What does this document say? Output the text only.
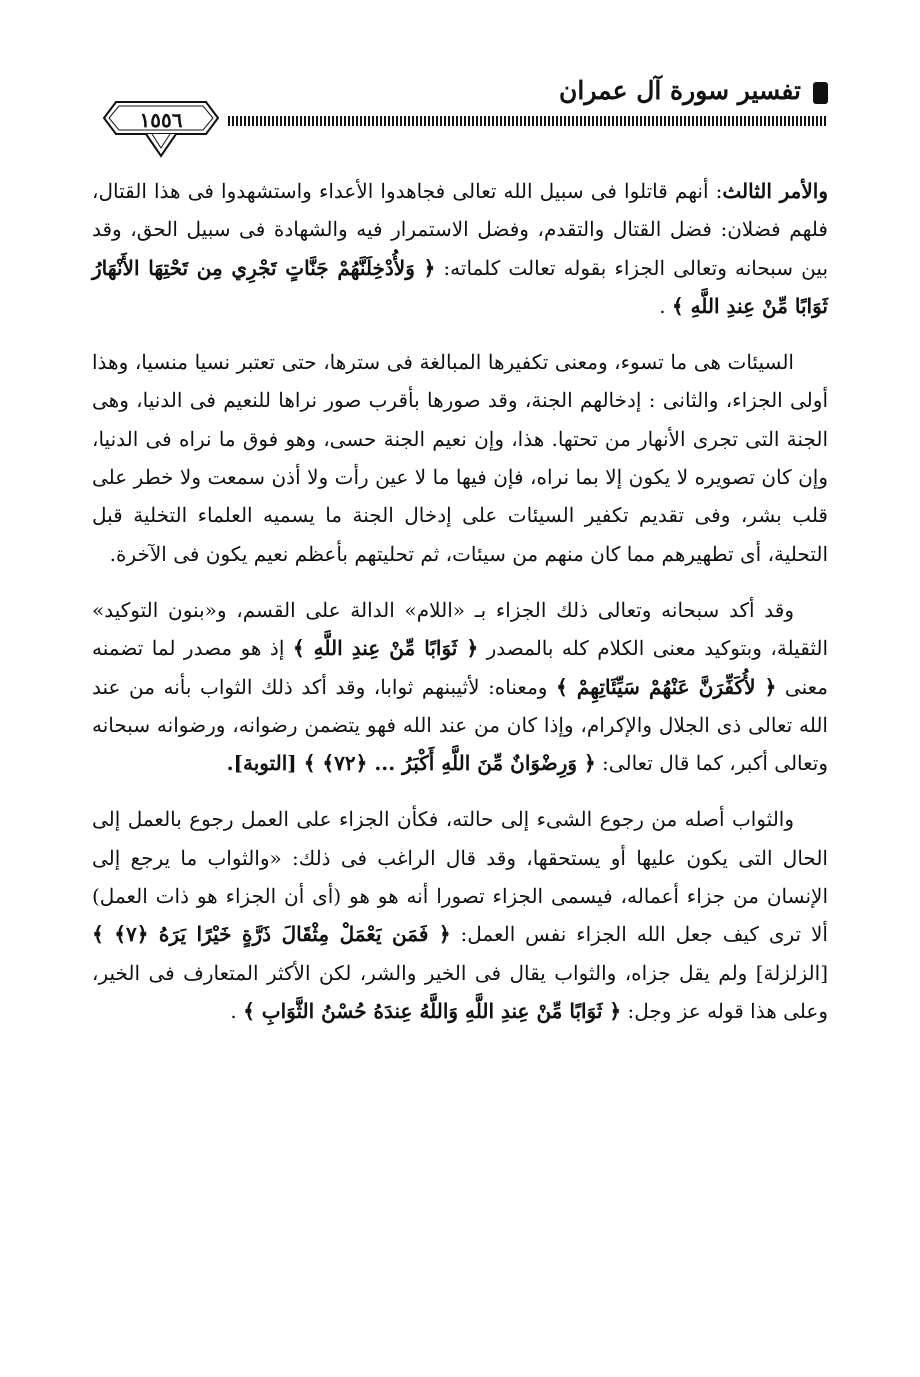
تفسير سورة آل عمران
١٥٥٦

والأمر الثالث: أنهم قاتلوا فى سبيل الله تعالى فجاهدوا الأعداء واستشهدوا فى هذا القتال، فلهم فضلان: فضل القتال والتقدم، وفضل الاستمرار فيه والشهادة فى سبيل الحق، وقد بين سبحانه وتعالى الجزاء بقوله تعالت كلماته: ﴿ وَلأُدْخِلَنَّهُمْ جَنَّاتٍ تَجْرِي مِن تَحْتِهَا الأَنْهَارُ ثَوَابًا مِّنْ عِندِ اللَّهِ ﴾ .

السيئات هى ما تسوء، ومعنى تكفيرها المبالغة فى سترها، حتى تعتبر نسيا منسيا، وهذا أولى الجزاء، والثانى : إدخالهم الجنة، وقد صورها بأقرب صور نراها للنعيم فى الدنيا، وهى الجنة التى تجرى الأنهار من تحتها. هذا، وإن نعيم الجنة حسى، وهو فوق ما نراه فى الدنيا، وإن كان تصويره لا يكون إلا بما نراه، فإن فيها ما لا عين رأت ولا أذن سمعت ولا خطر على قلب بشر، وفى تقديم تكفير السيئات على إدخال الجنة ما يسميه العلماء التخلية قبل التحلية، أى تطهيرهم مما كان منهم من سيئات، ثم تحليتهم بأعظم نعيم يكون فى الآخرة.

وقد أكد سبحانه وتعالى ذلك الجزاء بـ «اللام» الدالة على القسم، و«بنون التوكيد» الثقيلة، وبتوكيد معنى الكلام كله بالمصدر ﴿ ثَوَابًا مِّنْ عِندِ اللَّهِ ﴾ إذ هو مصدر لما تضمنه معنى ﴿ لأُكَفِّرَنَّ عَنْهُمْ سَيِّئَاتِهِمْ ﴾ ومعناه: لأثيبنهم ثوابا، وقد أكد ذلك الثواب بأنه من عند الله تعالى ذى الجلال والإكرام، وإذا كان من عند الله فهو يتضمن رضوانه، ورضوانه سبحانه وتعالى أكبر، كما قال تعالى: ﴿ وَرِضْوَانٌ مِّنَ اللَّهِ أَكْبَرُ ... ﴿٧٢﴾ ﴾ [التوبة].

والثواب أصله من رجوع الشىء إلى حالته، فكأن الجزاء على العمل رجوع بالعمل إلى الحال التى يكون عليها أو يستحقها، وقد قال الراغب فى ذلك: «والثواب ما يرجع إلى الإنسان من جزاء أعماله، فيسمى الجزاء تصورا أنه هو هو (أى أن الجزاء هو ذات العمل) ألا ترى كيف جعل الله الجزاء نفس العمل: ﴿ فَمَن يَعْمَلْ مِثْقَالَ ذَرَّةٍ خَيْرًا يَرَهُ ﴿٧﴾ ﴾ [الزلزلة] ولم يقل جزاه، والثواب يقال فى الخير والشر، لكن الأكثر المتعارف فى الخير، وعلى هذا قوله عز وجل: ﴿ ثَوَابًا مِّنْ عِندِ اللَّهِ وَاللَّهُ عِندَهُ حُسْنُ الثَّوَابِ ﴾ .
